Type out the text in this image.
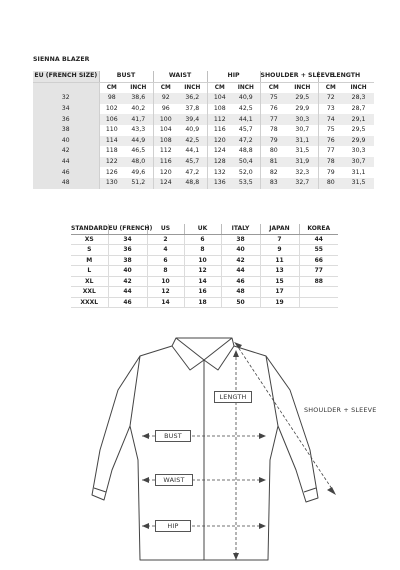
SIENNA BLAZER
EU (FRENCH SIZE)	BUST		WAIST		HIP		SHOULDER + SLEEVE		LENGTH	
	CM	INCH	CM	INCH	CM	INCH	CM	INCH	CM	INCH
32	98	38,6	92	36,2	104	40,9	75	29,5	72	28,3
34	102	40,2	96	37,8	108	42,5	76	29,9	73	28,7
36	106	41,7	100	39,4	112	44,1	77	30,3	74	29,1
38	110	43,3	104	40,9	116	45,7	78	30,7	75	29,5
40	114	44,9	108	42,5	120	47,2	79	31,1	76	29,9
42	118	46,5	112	44,1	124	48,8	80	31,5	77	30,3
44	122	48,0	116	45,7	128	50,4	81	31,9	78	30,7
46	126	49,6	120	47,2	132	52,0	82	32,3	79	31,1
48	130	51,2	124	48,8	136	53,5	83	32,7	80	31,5
STANDARD	EU (FRENCH)	US	UK	ITALY	JAPAN	KOREA
XS	34	2	6	38	7	44
S	36	4	8	40	9	55
M	38	6	10	42	11	66
L	40	8	12	44	13	77
XL	42	10	14	46	15	88
XXL	44	12	16	48	17	
XXXL	46	14	18	50	19	
LENGTH
SHOULDER + SLEEVE
BUST
WAIST
HIP
